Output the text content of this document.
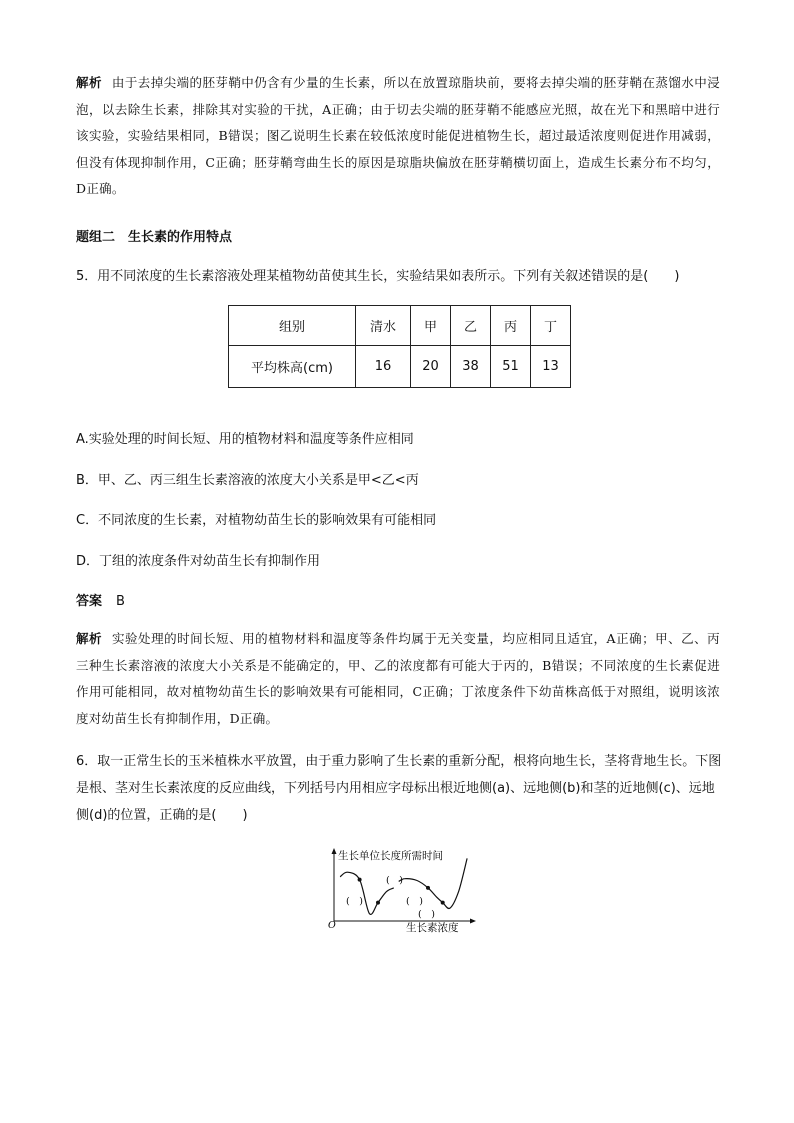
解析 由于去掉尖端的胚芽鞘中仍含有少量的生长素，所以在放置琼脂块前，要将去掉尖端的胚芽鞘在蒸馏水中浸泡，以去除生长素，排除其对实验的干扰，A正确；由于切去尖端的胚芽鞘不能感应光照，故在光下和黑暗中进行该实验，实验结果相同，B错误；图乙说明生长素在较低浓度时能促进植物生长，超过最适浓度则促进作用减弱，但没有体现抑制作用，C正确；胚芽鞘弯曲生长的原因是琼脂块偏放在胚芽鞘横切面上，造成生长素分布不均匀，D正确。
题组二　生长素的作用特点
5．用不同浓度的生长素溶液处理某植物幼苗使其生长，实验结果如表所示。下列有关叙述错误的是(　　)
组别	清水	甲	乙	丙	丁
平均株高(cm)	16	20	38	51	13
A.实验处理的时间长短、用的植物材料和温度等条件应相同
B．甲、乙、丙三组生长素溶液的浓度大小关系是甲<乙<丙
C．不同浓度的生长素，对植物幼苗生长的影响效果有可能相同
D．丁组的浓度条件对幼苗生长有抑制作用
答案 B
解析 实验处理的时间长短、用的植物材料和温度等条件均属于无关变量，均应相同且适宜，A正确；甲、乙、丙三种生长素溶液的浓度大小关系是不能确定的，甲、乙的浓度都有可能大于丙的，B错误；不同浓度的生长素促进作用可能相同，故对植物幼苗生长的影响效果有可能相同，C正确；丁浓度条件下幼苗株高低于对照组，说明该浓度对幼苗生长有抑制作用，D正确。
6．取一正常生长的玉米植株水平放置，由于重力影响了生长素的重新分配，根将向地生长，茎将背地生长。下图是根、茎对生长素浓度的反应曲线，下列括号内用相应字母标出根近地侧(a)、远地侧(b)和茎的近地侧(c)、远地侧(d)的位置，正确的是(　　)
生长单位长度所需时间
生长素浓度
O
(　)
(　)
(　)
(　)
